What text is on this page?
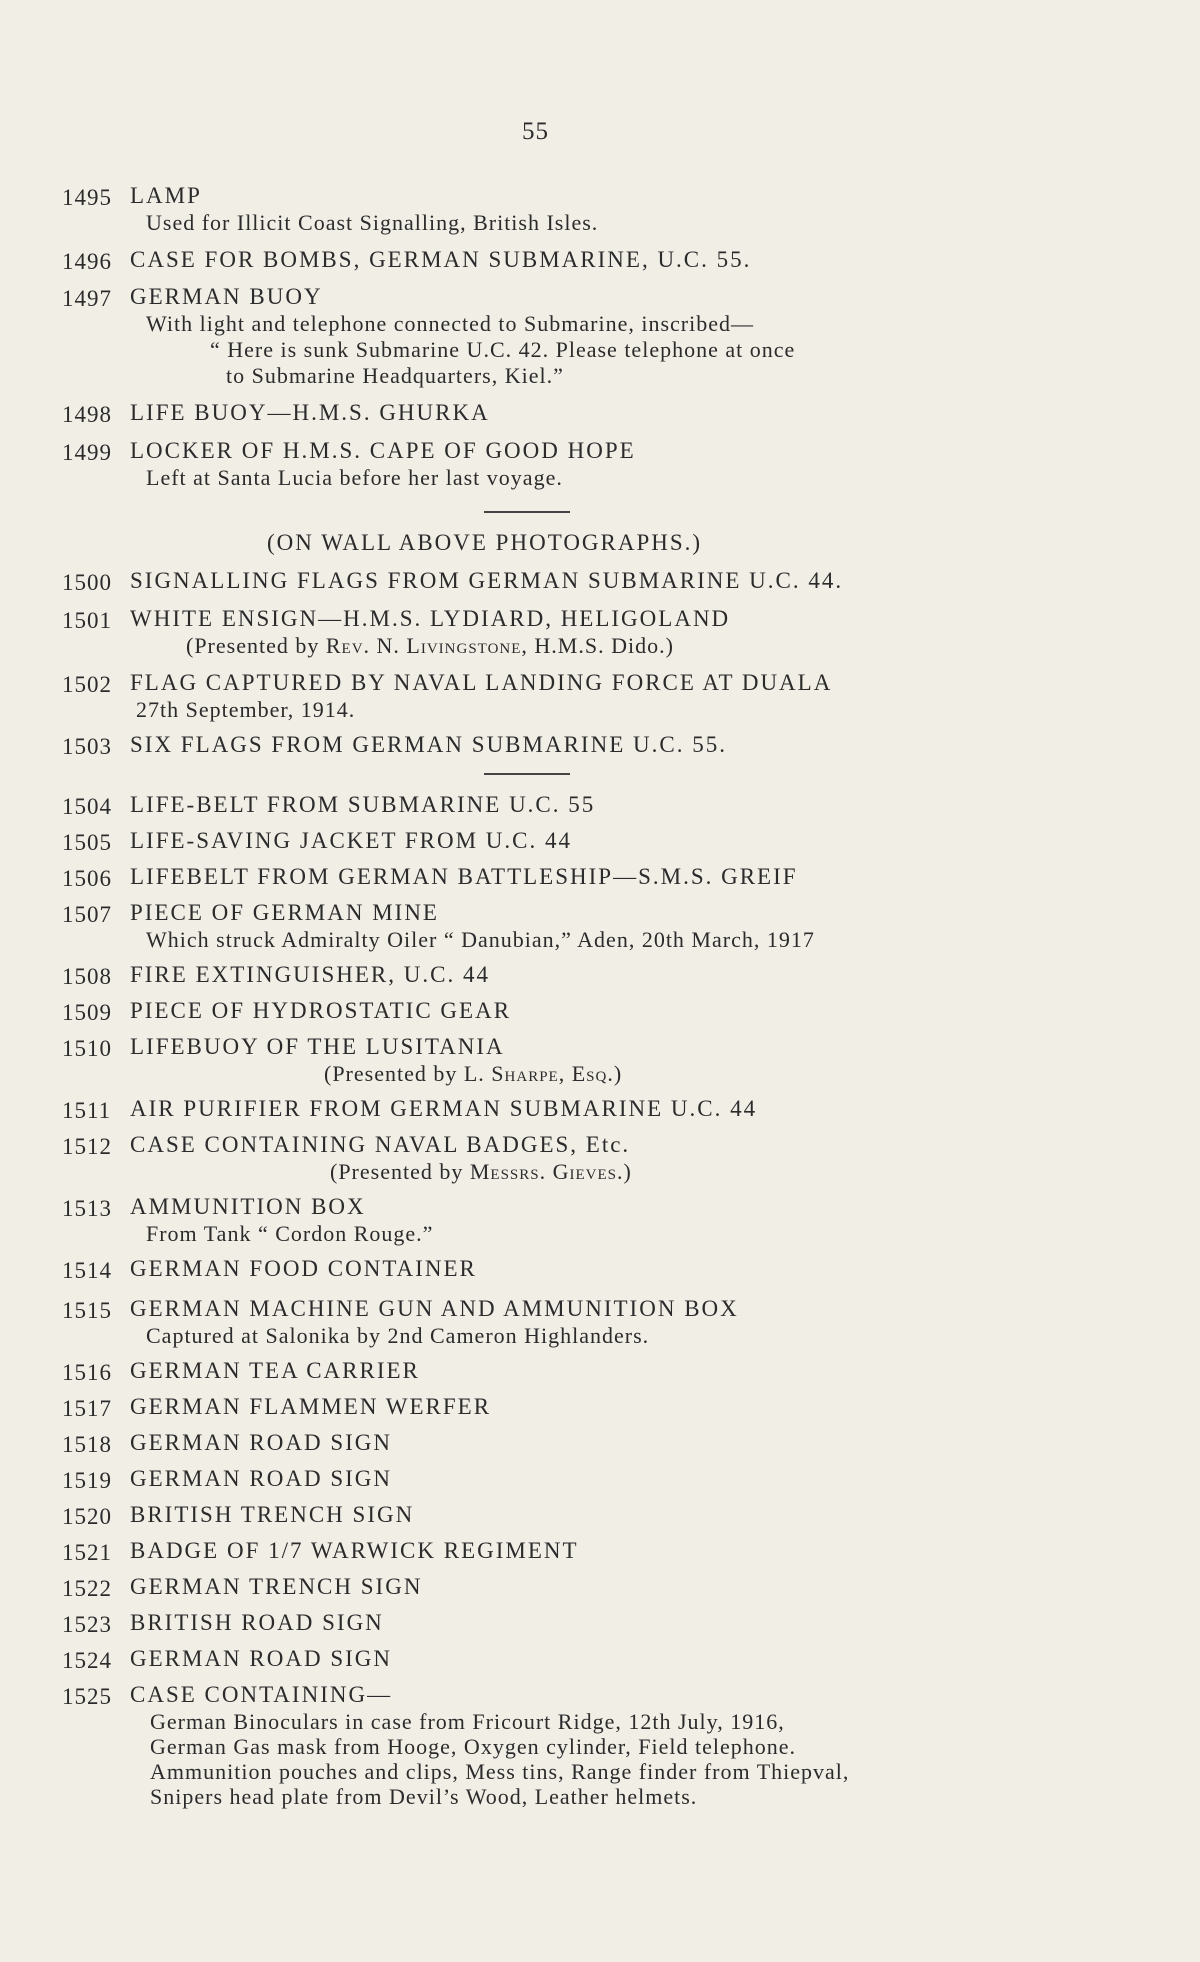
55
1495 LAMP
Used for Illicit Coast Signalling, British Isles.
1496 CASE FOR BOMBS, GERMAN SUBMARINE, U.C. 55.
1497 GERMAN BUOY
With light and telephone connected to Submarine, inscribed—
“ Here is sunk Submarine U.C. 42. Please telephone at once
to Submarine Headquarters, Kiel.”
1498 LIFE BUOY—H.M.S. GHURKA
1499 LOCKER OF H.M.S. CAPE OF GOOD HOPE
Left at Santa Lucia before her last voyage.
(ON WALL ABOVE PHOTOGRAPHS.)
1500 SIGNALLING FLAGS FROM GERMAN SUBMARINE U.C. 44.
1501 WHITE ENSIGN—H.M.S. LYDIARD, HELIGOLAND
(Presented by Rev. N. Livingstone, H.M.S. Dido.)
1502 FLAG CAPTURED BY NAVAL LANDING FORCE AT DUALA
27th September, 1914.
1503 SIX FLAGS FROM GERMAN SUBMARINE U.C. 55.
1504 LIFE-BELT FROM SUBMARINE U.C. 55
1505 LIFE-SAVING JACKET FROM U.C. 44
1506 LIFEBELT FROM GERMAN BATTLESHIP—S.M.S. GREIF
1507 PIECE OF GERMAN MINE
Which struck Admiralty Oiler “ Danubian,” Aden, 20th March, 1917
1508 FIRE EXTINGUISHER, U.C. 44
1509 PIECE OF HYDROSTATIC GEAR
1510 LIFEBUOY OF THE LUSITANIA
(Presented by L. Sharpe, Esq.)
1511 AIR PURIFIER FROM GERMAN SUBMARINE U.C. 44
1512 CASE CONTAINING NAVAL BADGES, Etc.
(Presented by Messrs. Gieves.)
1513 AMMUNITION BOX
From Tank “ Cordon Rouge.”
1514 GERMAN FOOD CONTAINER
1515 GERMAN MACHINE GUN AND AMMUNITION BOX
Captured at Salonika by 2nd Cameron Highlanders.
1516 GERMAN TEA CARRIER
1517 GERMAN FLAMMEN WERFER
1518 GERMAN ROAD SIGN
1519 GERMAN ROAD SIGN
1520 BRITISH TRENCH SIGN
1521 BADGE OF 1/7 WARWICK REGIMENT
1522 GERMAN TRENCH SIGN
1523 BRITISH ROAD SIGN
1524 GERMAN ROAD SIGN
1525 CASE CONTAINING—
German Binoculars in case from Fricourt Ridge, 12th July, 1916,
German Gas mask from Hooge, Oxygen cylinder, Field telephone.
Ammunition pouches and clips, Mess tins, Range finder from Thiepval,
Snipers head plate from Devil’s Wood, Leather helmets.
